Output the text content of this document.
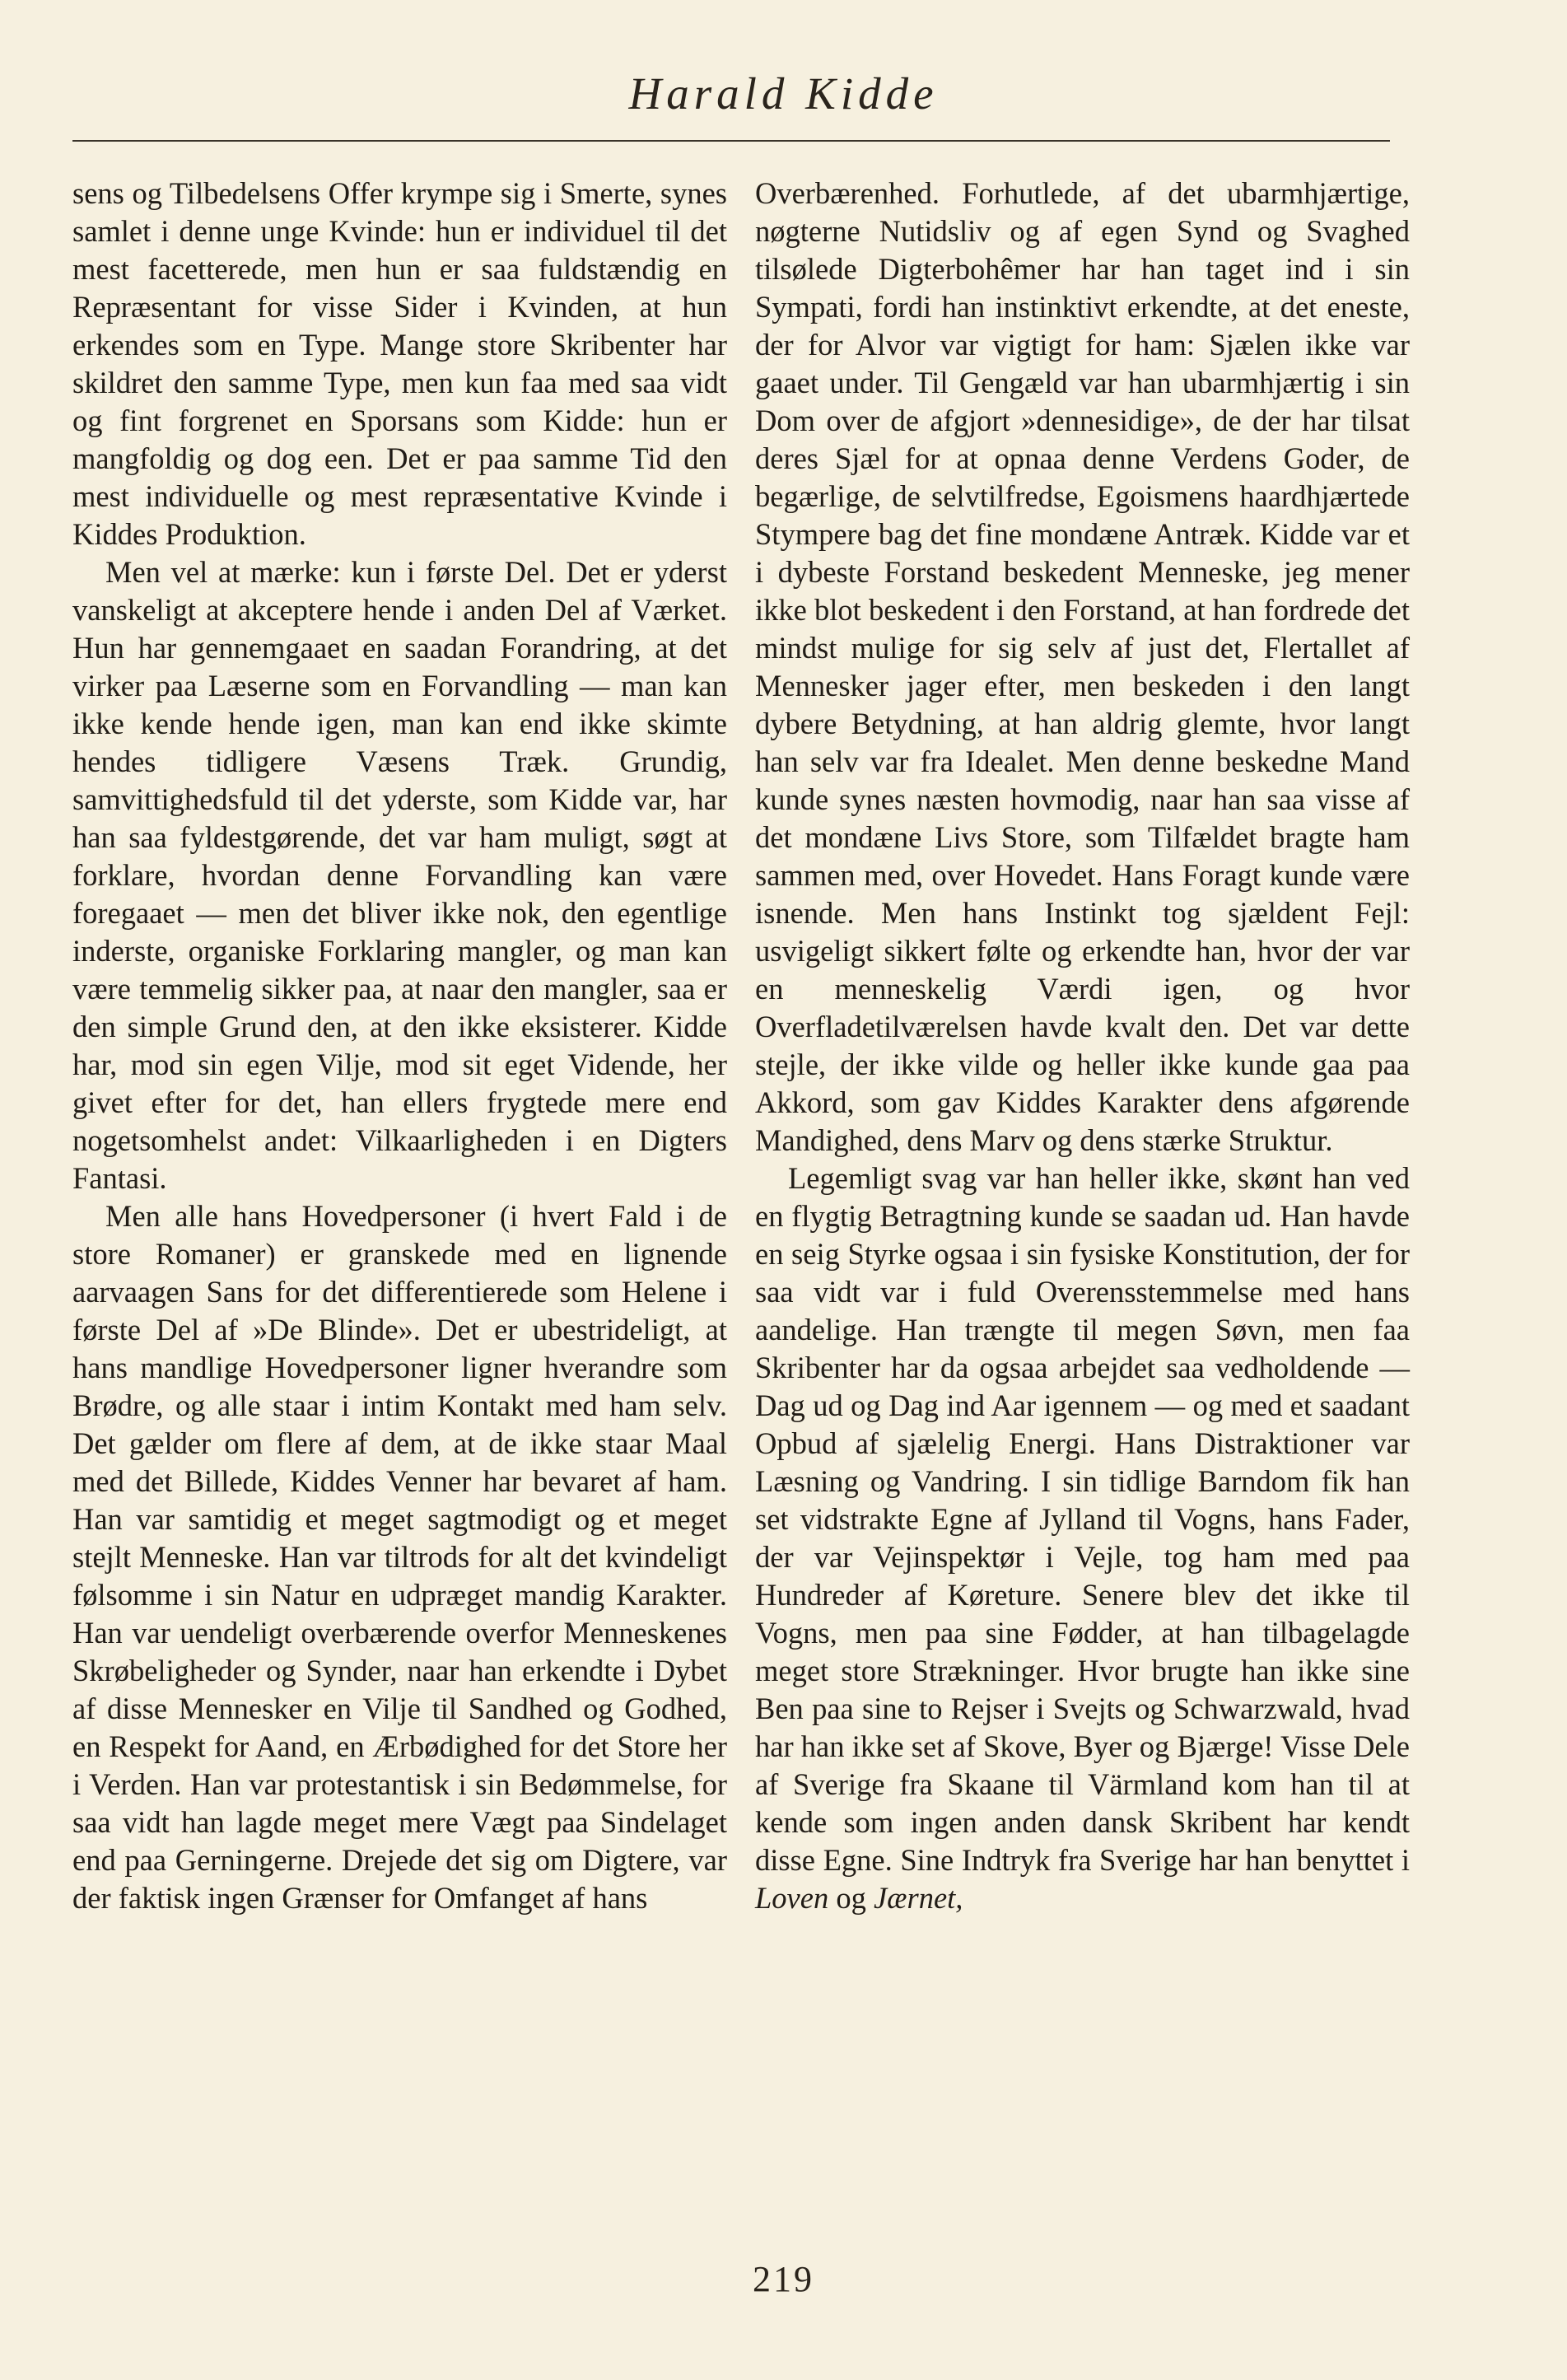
Harald Kidde

sens og Tilbedelsens Offer krympe sig i Smerte, synes samlet i denne unge Kvinde: hun er individuel til det mest facetterede, men hun er saa fuldstændig en Repræsentant for visse Sider i Kvinden, at hun erkendes som en Type. Mange store Skribenter har skildret den samme Type, men kun faa med saa vidt og fint forgrenet en Sporsans som Kidde: hun er mangfoldig og dog een. Det er paa samme Tid den mest individuelle og mest repræsentative Kvinde i Kiddes Produktion.

Men vel at mærke: kun i første Del. Det er yderst vanskeligt at akceptere hende i anden Del af Værket. Hun har gennemgaaet en saadan Forandring, at det virker paa Læserne som en Forvandling — man kan ikke kende hende igen, man kan end ikke skimte hendes tidligere Væsens Træk. Grundig, samvittighedsfuld til det yderste, som Kidde var, har han saa fyldestgørende, det var ham muligt, søgt at forklare, hvordan denne Forvandling kan være foregaaet — men det bliver ikke nok, den egentlige inderste, organiske Forklaring mangler, og man kan være temmelig sikker paa, at naar den mangler, saa er den simple Grund den, at den ikke eksisterer. Kidde har, mod sin egen Vilje, mod sit eget Vidende, her givet efter for det, han ellers frygtede mere end nogetsomhelst andet: Vilkaarligheden i en Digters Fantasi.

Men alle hans Hovedpersoner (i hvert Fald i de store Romaner) er granskede med en lignende aarvaagen Sans for det differentierede som Helene i første Del af »De Blinde». Det er ubestrideligt, at hans mandlige Hovedpersoner ligner hverandre som Brødre, og alle staar i intim Kontakt med ham selv. Det gælder om flere af dem, at de ikke staar Maal med det Billede, Kiddes Venner har bevaret af ham. Han var samtidig et meget sagtmodigt og et meget stejlt Menneske. Han var tiltrods for alt det kvindeligt følsomme i sin Natur en udpræget mandig Karakter. Han var uendeligt overbærende overfor Menneskenes Skrøbeligheder og Synder, naar han erkendte i Dybet af disse Mennesker en Vilje til Sandhed og Godhed, en Respekt for Aand, en Ærbødighed for det Store her i Verden. Han var protestantisk i sin Bedømmelse, for saa vidt han lagde meget mere Vægt paa Sindelaget end paa Gerningerne. Drejede det sig om Digtere, var der faktisk ingen Grænser for Omfanget af hans

Overbærenhed. Forhutlede, af det ubarmhjærtige, nøgterne Nutidsliv og af egen Synd og Svaghed tilsølede Digterbohêmer har han taget ind i sin Sympati, fordi han instinktivt erkendte, at det eneste, der for Alvor var vigtigt for ham: Sjælen ikke var gaaet under. Til Gengæld var han ubarmhjærtig i sin Dom over de afgjort »dennesidige», de der har tilsat deres Sjæl for at opnaa denne Verdens Goder, de begærlige, de selvtilfredse, Egoismens haardhjærtede Stympere bag det fine mondæne Antræk. Kidde var et i dybeste Forstand beskedent Menneske, jeg mener ikke blot beskedent i den Forstand, at han fordrede det mindst mulige for sig selv af just det, Flertallet af Mennesker jager efter, men beskeden i den langt dybere Betydning, at han aldrig glemte, hvor langt han selv var fra Idealet. Men denne beskedne Mand kunde synes næsten hovmodig, naar han saa visse af det mondæne Livs Store, som Tilfældet bragte ham sammen med, over Hovedet. Hans Foragt kunde være isnende. Men hans Instinkt tog sjældent Fejl: usvigeligt sikkert følte og erkendte han, hvor der var en menneskelig Værdi igen, og hvor Overfladetilværelsen havde kvalt den. Det var dette stejle, der ikke vilde og heller ikke kunde gaa paa Akkord, som gav Kiddes Karakter dens afgørende Mandighed, dens Marv og dens stærke Struktur.

Legemligt svag var han heller ikke, skønt han ved en flygtig Betragtning kunde se saadan ud. Han havde en seig Styrke ogsaa i sin fysiske Konstitution, der for saa vidt var i fuld Overensstemmelse med hans aandelige. Han trængte til megen Søvn, men faa Skribenter har da ogsaa arbejdet saa vedholdende — Dag ud og Dag ind Aar igennem — og med et saadant Opbud af sjælelig Energi. Hans Distraktioner var Læsning og Vandring. I sin tidlige Barndom fik han set vidstrakte Egne af Jylland til Vogns, hans Fader, der var Vejinspektør i Vejle, tog ham med paa Hundreder af Køreture. Senere blev det ikke til Vogns, men paa sine Fødder, at han tilbagelagde meget store Strækninger. Hvor brugte han ikke sine Ben paa sine to Rejser i Svejts og Schwarzwald, hvad har han ikke set af Skove, Byer og Bjærge! Visse Dele af Sverige fra Skaane til Värmland kom han til at kende som ingen anden dansk Skribent har kendt disse Egne. Sine Indtryk fra Sverige har han benyttet i Loven og Jærnet,

219
